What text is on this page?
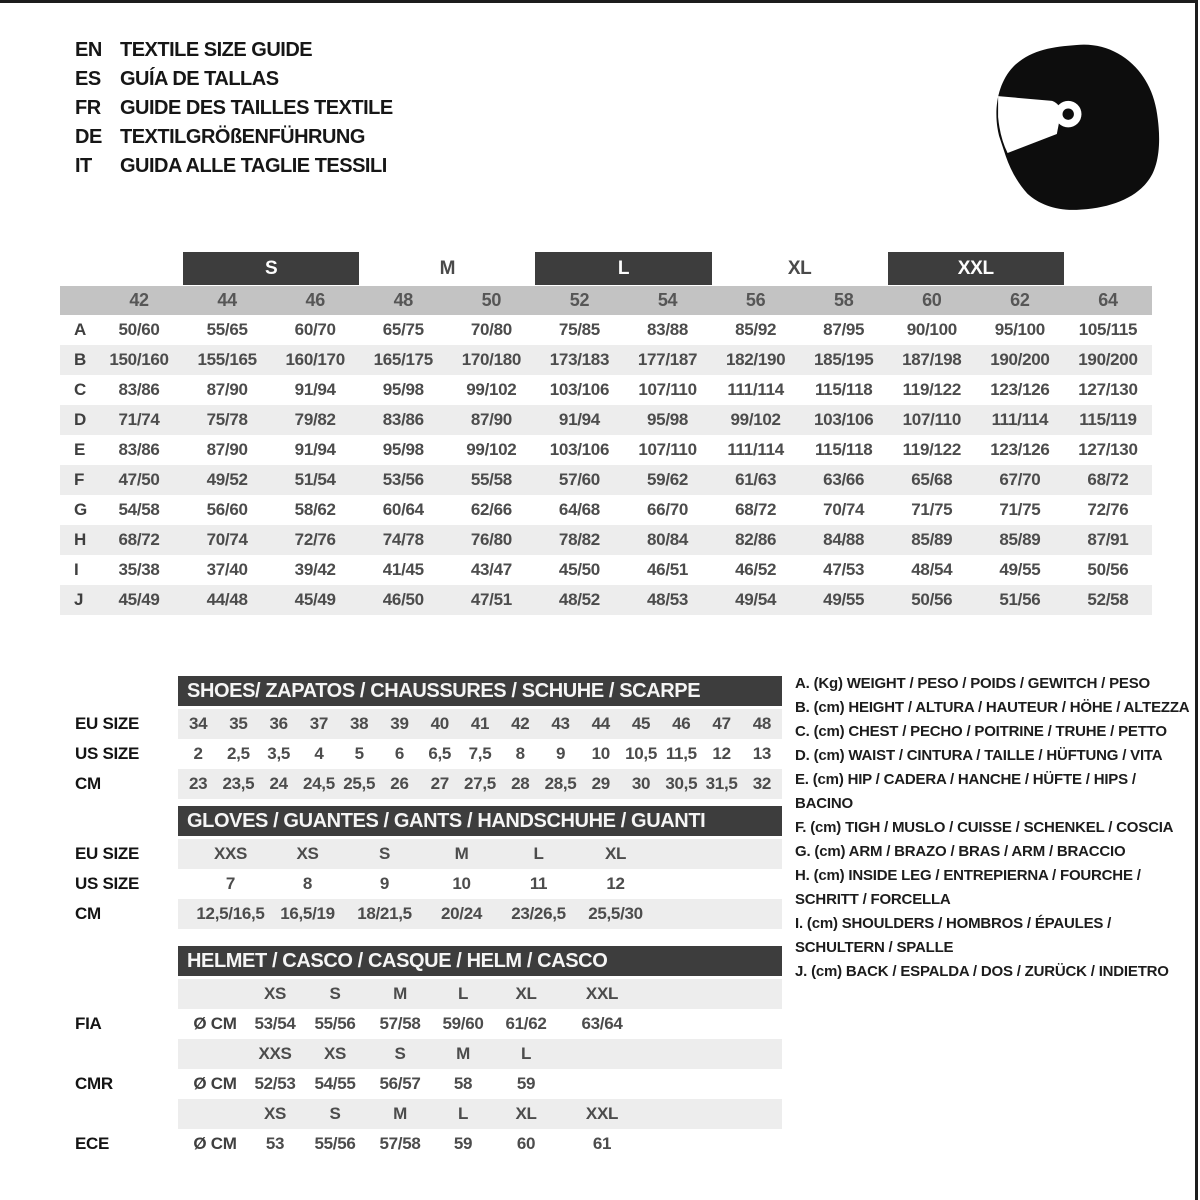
EN TEXTILE SIZE GUIDE
ES GUÍA DE TALLAS
FR GUIDE DES TAILLES TEXTILE
DE TEXTILGRÖßENFÜHRUNG
IT	GUIDA ALLE TAGLIE TESSILI
S	M	L	XL	XXL
42	44	46	48	50	52	54	56	58	60	62	64
A	50/60	55/65	60/70	65/75	70/80	75/85	83/88	85/92	87/95	90/100	95/100	105/115
B	150/160	155/165	160/170	165/175	170/180	173/183	177/187	182/190	185/195	187/198	190/200	190/200
C	83/86	87/90	91/94	95/98	99/102	103/106	107/110	111/114	115/118	119/122	123/126	127/130
D	71/74	75/78	79/82	83/86	87/90	91/94	95/98	99/102	103/106	107/110	111/114	115/119
E	83/86	87/90	91/94	95/98	99/102	103/106	107/110	111/114	115/118	119/122	123/126	127/130
F	47/50	49/52	51/54	53/56	55/58	57/60	59/62	61/63	63/66	65/68	67/70	68/72
G	54/58	56/60	58/62	60/64	62/66	64/68	66/70	68/72	70/74	71/75	71/75	72/76
H	68/72	70/74	72/76	74/78	76/80	78/82	80/84	82/86	84/88	85/89	85/89	87/91
I	35/38	37/40	39/42	41/45	43/47	45/50	46/51	46/52	47/53	48/54	49/55	50/56
J	45/49	44/48	45/49	46/50	47/51	48/52	48/53	49/54	49/55	50/56	51/56	52/58
SHOES/ ZAPATOS / CHAUSSURES / SCHUHE / SCARPE
EU SIZE	34	35	36	37	38	39	40	41	42	43	44	45	46	47	48
US SIZE	2	2,5	3,5	4	5	6	6,5	7,5	8	9	10 10,5 11,5 12	13
CM	23 23,5 24 24,5 25,5 26	27 27,5 28 28,5 29	30 30,5 31,5 32
GLOVES / GUANTES / GANTS / HANDSCHUHE / GUANTI
EU SIZE	XXS	XS	S	M	L	XL
US SIZE	7	8	9	10	11	12
CM	12,5/16,5 16,5/19	18/21,5	20/24	23/26,5	25,5/30
HELMET / CASCO / CASQUE / HELM / CASCO
XS	S	M	L	XL	XXL
FIA	Ø CM	53/54	55/56	57/58	59/60	61/62	63/64
XXS	XS	S	M	L
CMR	Ø CM	52/53	54/55	56/57	58	59
XS	S	M	L	XL	XXL
ECE	Ø CM	53	55/56	57/58	59	60	61
A. (Kg) WEIGHT / PESO / POIDS / GEWITCH / PESO
B. (cm) HEIGHT / ALTURA / HAUTEUR / HÖHE / ALTEZZA
C. (cm) CHEST / PECHO / POITRINE / TRUHE / PETTO
D. (cm) WAIST / CINTURA / TAILLE / HÜFTUNG / VITA
E. (cm) HIP / CADERA / HANCHE / HÜFTE / HIPS / BACINO
F. (cm) TIGH / MUSLO / CUISSE / SCHENKEL / COSCIA
G. (cm) ARM / BRAZO / BRAS / ARM / BRACCIO
H. (cm) INSIDE LEG / ENTREPIERNA / FOURCHE / SCHRITT / FORCELLA
I. (cm) SHOULDERS / HOMBROS / ÉPAULES / SCHULTERN / SPALLE
J. (cm) BACK / ESPALDA / DOS / ZURÜCK / INDIETRO
